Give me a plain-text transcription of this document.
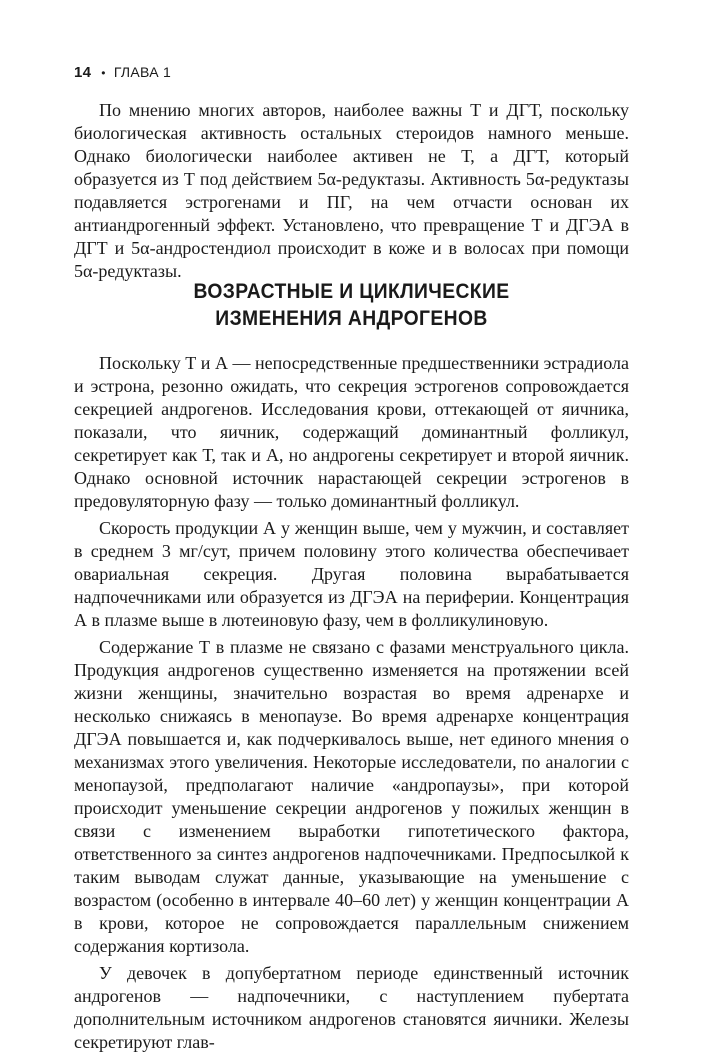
14 • ГЛАВА 1

По мнению многих авторов, наиболее важны Т и ДГТ, поскольку биологическая активность остальных стероидов намного меньше. Однако биологически наиболее активен не Т, а ДГТ, который образуется из Т под действием 5α-редуктазы. Активность 5α-редуктазы подавляется эстрогенами и ПГ, на чем отчасти основан их антиандрогенный эффект. Установлено, что превращение Т и ДГЭА в ДГТ и 5α-андростендиол происходит в коже и в волосах при помощи 5α-редуктазы.

ВОЗРАСТНЫЕ И ЦИКЛИЧЕСКИЕ
ИЗМЕНЕНИЯ АНДРОГЕНОВ

Поскольку Т и А — непосредственные предшественники эстрадиола и эстрона, резонно ожидать, что секреция эстрогенов сопровождается секрецией андрогенов. Исследования крови, оттекающей от яичника, показали, что яичник, содержащий доминантный фолликул, секретирует как Т, так и А, но андрогены секретирует и второй яичник. Однако основной источник нарастающей секреции эстрогенов в предовуляторную фазу — только доминантный фолликул.

Скорость продукции А у женщин выше, чем у мужчин, и составляет в среднем 3 мг/сут, причем половину этого количества обеспечивает овариальная секреция. Другая половина вырабатывается надпочечниками или образуется из ДГЭА на периферии. Концентрация А в плазме выше в лютеиновую фазу, чем в фолликулиновую.

Содержание Т в плазме не связано с фазами менструального цикла. Продукция андрогенов существенно изменяется на протяжении всей жизни женщины, значительно возрастая во время адренархе и несколько снижаясь в менопаузе. Во время адренархе концентрация ДГЭА повышается и, как подчеркивалось выше, нет единого мнения о механизмах этого увеличения. Некоторые исследователи, по аналогии с менопаузой, предполагают наличие «андропаузы», при которой происходит уменьшение секреции андрогенов у пожилых женщин в связи с изменением выработки гипотетического фактора, ответственного за синтез андрогенов надпочечниками. Предпосылкой к таким выводам служат данные, указывающие на уменьшение с возрастом (особенно в интервале 40–60 лет) у женщин концентрации А в крови, которое не сопровождается параллельным снижением содержания кортизола.

У девочек в допубертатном периоде единственный источник андрогенов — надпочечники, с наступлением пубертата дополнительным источником андрогенов становятся яичники. Железы секретируют глав-
